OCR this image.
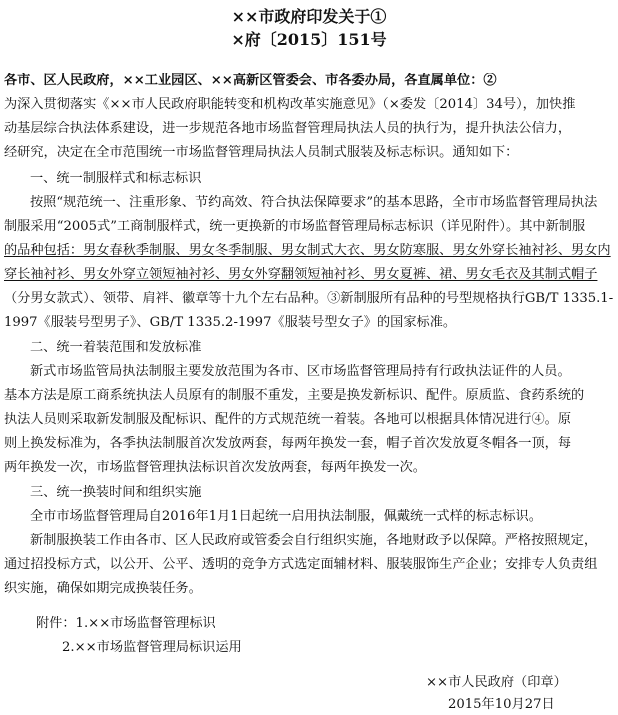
××市政府印发关于①
×府〔2015〕151号
各市、区人民政府，××工业园区、××高新区管委会、市各委办局，各直属单位：②
为深入贯彻落实《××市人民政府职能转变和机构改革实施意见》（×委发〔2014〕34号），加快推
动基层综合执法体系建设，进一步规范各地市场监督管理局执法人员的执行为，提升执法公信力，
经研究，决定在全市范围统一市场监督管理局执法人员制式服装及标志标识。通知如下：
一、统一制服样式和标志标识
按照“规范统一、注重形象、节约高效、符合执法保障要求”的基本思路，全市市场监督管理局执法
制服采用“2005式”工商制服样式，统一更换新的市场监督管理局标志标识（详见附件）。其中新制服
的品种包括：男女春秋季制服、男女冬季制服、男女制式大衣、男女防寒服、男女外穿长袖衬衫、男女内
穿长袖衬衫、男女外穿立领短袖衬衫、男女外穿翻领短袖衬衫、男女夏裤、裙、男女毛衣及其制式帽子
（分男女款式）、领带、肩袢、徽章等十九个左右品种。③新制服所有品种的号型规格执行GB/T 1335.1-
1997《服装号型男子》、GB/T 1335.2-1997《服装号型女子》的国家标准。
二、统一着装范围和发放标准
新式市场监管局执法制服主要发放范围为各市、区市场监督管理局持有行政执法证件的人员。
基本方法是原工商系统执法人员原有的制服不重发，主要是换发新标识、配件。原质监、食药系统的
执法人员则采取新发制服及配标识、配件的方式规范统一着装。各地可以根据具体情况进行④。原
则上换发标准为，各季执法制服首次发放两套，每两年换发一套，帽子首次发放夏冬帽各一顶，每
两年换发一次，市场监督管理执法标识首次发放两套，每两年换发一次。
三、统一换装时间和组织实施
全市市场监督管理局自2016年1月1日起统一启用执法制服，佩戴统一式样的标志标识。
新制服换装工作由各市、区人民政府或管委会自行组织实施，各地财政予以保障。严格按照规定，
通过招投标方式，以公开、公平、透明的竞争方式选定面辅材料、服装服饰生产企业；安排专人负责组
织实施，确保如期完成换装任务。
附件：1.××市场监督管理标识
2.××市场监督管理局标识运用
××市人民政府（印章）
2015年10月27日
